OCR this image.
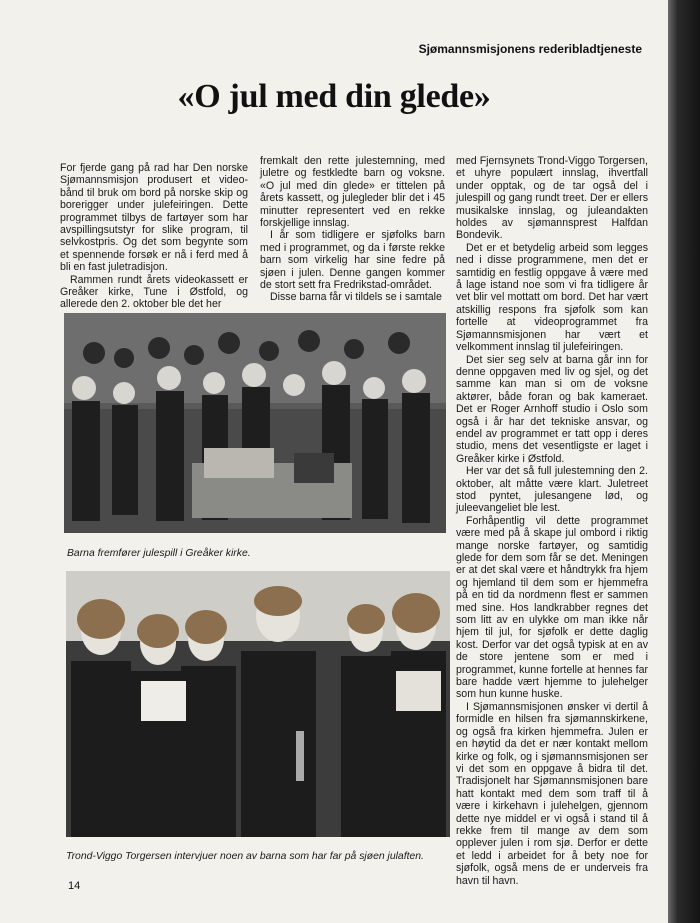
Sjømannsmisjonens rederibladtjeneste
«O jul med din glede»

For fjerde gang på rad har Den norske Sjømannsmisjon produsert et video-bånd til bruk om bord på norske skip og borerigger under julefeiringen. Dette programmet tilbys de fartøyer som har avspillingsutstyr for slike program, til selvkostpris. Og det som begynte som et spennende forsøk er nå i ferd med å bli en fast juletradisjon.

Rammen rundt årets videokassett er Greåker kirke, Tune i Østfold, og allerede den 2. oktober ble det her

fremkalt den rette julestemning, med juletre og festkledte barn og voksne. «O jul med din glede» er tittelen på årets kassett, og julegleder blir det i 45 minutter representert ved en rekke forskjellige innslag.

I år som tidligere er sjøfolks barn med i programmet, og da i første rekke barn som virkelig har sine fedre på sjøen i julen. Denne gangen kommer de stort sett fra Fredrikstad-området.

Disse barna får vi tildels se i samtale

med Fjernsynets Trond-Viggo Torgersen, et uhyre populært innslag, ihvertfall under opptak, og de tar også del i julespill og gang rundt treet. Der er ellers musikalske innslag, og juleandakten holdes av sjømannsprest Halfdan Bondevik.

Det er et betydelig arbeid som legges ned i disse programmene, men det er samtidig en festlig oppgave å være med å lage istand noe som vi fra tidligere år vet blir vel mottatt om bord. Det har vært atskillig respons fra sjøfolk som kan fortelle at videoprogrammet fra Sjømannsmisjonen har vært et velkomment innslag til julefeiringen.

Det sier seg selv at barna går inn for denne oppgaven med liv og sjel, og det samme kan man si om de voksne aktører, både foran og bak kameraet. Det er Roger Arnhoff studio i Oslo som også i år har det tekniske ansvar, og endel av programmet er tatt opp i deres studio, mens det vesentligste er laget i Greåker kirke i Østfold.

Her var det så full julestemning den 2. oktober, alt måtte være klart. Juletreet stod pyntet, julesangene lød, og juleevangeliet ble lest.

Forhåpentlig vil dette programmet være med på å skape jul ombord i riktig mange norske fartøyer, og samtidig glede for dem som får se det. Meningen er at det skal være et håndtrykk fra hjem og hjemland til dem som er hjemmefra på en tid da nordmenn flest er sammen med sine. Hos landkrabber regnes det som litt av en ulykke om man ikke når hjem til jul, for sjøfolk er dette daglig kost. Derfor var det også typisk at en av de store jentene som er med i programmet, kunne fortelle at hennes far bare hadde vært hjemme to julehelger som hun kunne huske.

I Sjømannsmisjonen ønsker vi dertil å formidle en hilsen fra sjømannskirkene, og også fra kirken hjemmefra. Julen er en høytid da det er nær kontakt mellom kirke og folk, og i sjømannsmisjonen ser vi det som en oppgave å bidra til det. Tradisjonelt har Sjømannsmisjonen bare hatt kontakt med dem som traff til å være i kirkehavn i julehelgen, gjennom dette nye middel er vi også i stand til å rekke frem til mange av dem som opplever julen i rom sjø. Derfor er dette et ledd i arbeidet for å bety noe for sjøfolk, også mens de er underveis fra havn til havn.

Barna fremfører julespill i Greåker kirke.
Trond-Viggo Torgersen intervjuer noen av barna som har far på sjøen julaften.
14
